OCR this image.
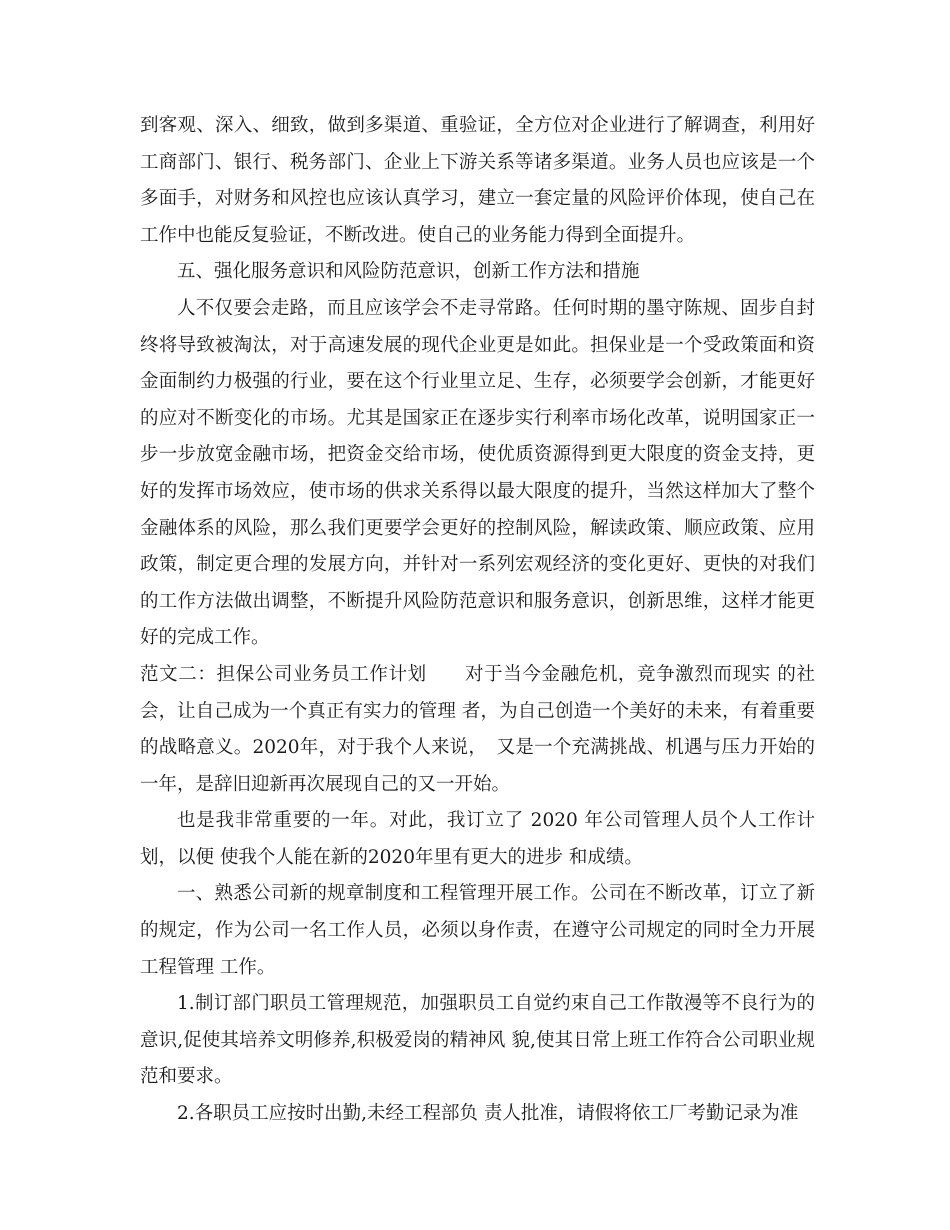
到客观、深入、细致，做到多渠道、重验证，全方位对企业进行了解调查，利用好工商部门、银行、税务部门、企业上下游关系等诸多渠道。业务人员也应该是一个多面手，对财务和风控也应该认真学习，建立一套定量的风险评价体现，使自己在工作中也能反复验证，不断改进。使自己的业务能力得到全面提升。

五、强化服务意识和风险防范意识，创新工作方法和措施

人不仅要会走路，而且应该学会不走寻常路。任何时期的墨守陈规、固步自封终将导致被淘汰，对于高速发展的现代企业更是如此。担保业是一个受政策面和资金面制约力极强的行业，要在这个行业里立足、生存，必须要学会创新，才能更好的应对不断变化的市场。尤其是国家正在逐步实行利率市场化改革，说明国家正一步一步放宽金融市场，把资金交给市场，使优质资源得到更大限度的资金支持，更好的发挥市场效应，使市场的供求关系得以最大限度的提升，当然这样加大了整个金融体系的风险，那么我们更要学会更好的控制风险，解读政策、顺应政策、应用政策，制定更合理的发展方向，并针对一系列宏观经济的变化更好、更快的对我们的工作方法做出调整，不断提升风险防范意识和服务意识，创新思维，这样才能更好的完成工作。

范文二：担保公司业务员工作计划　　对于当今金融危机，竞争激烈而现实 的社会，让自己成为一个真正有实力的管理 者，为自己创造一个美好的未来，有着重要 的战略意义。2020年，对于我个人来说，　又是一个充满挑战、机遇与压力开始的一年，是辞旧迎新再次展现自己的又一开始。

也是我非常重要的一年。对此，我订立了 2020 年公司管理人员个人工作计划，以便 使我个人能在新的2020年里有更大的进步 和成绩。

一、熟悉公司新的规章制度和工程管理开展工作。公司在不断改革，订立了新的规定，作为公司一名工作人员，必须以身作责，在遵守公司规定的同时全力开展工程管理 工作。

1.制订部门职员工管理规范，加强职员工自觉约束自己工作散漫等不良行为的意识,促使其培养文明修养,积极爱岗的精神风 貌,使其日常上班工作符合公司职业规范和要求。

2.各职员工应按时出勤,未经工程部负 责人批准，请假将依工厂考勤记录为准
